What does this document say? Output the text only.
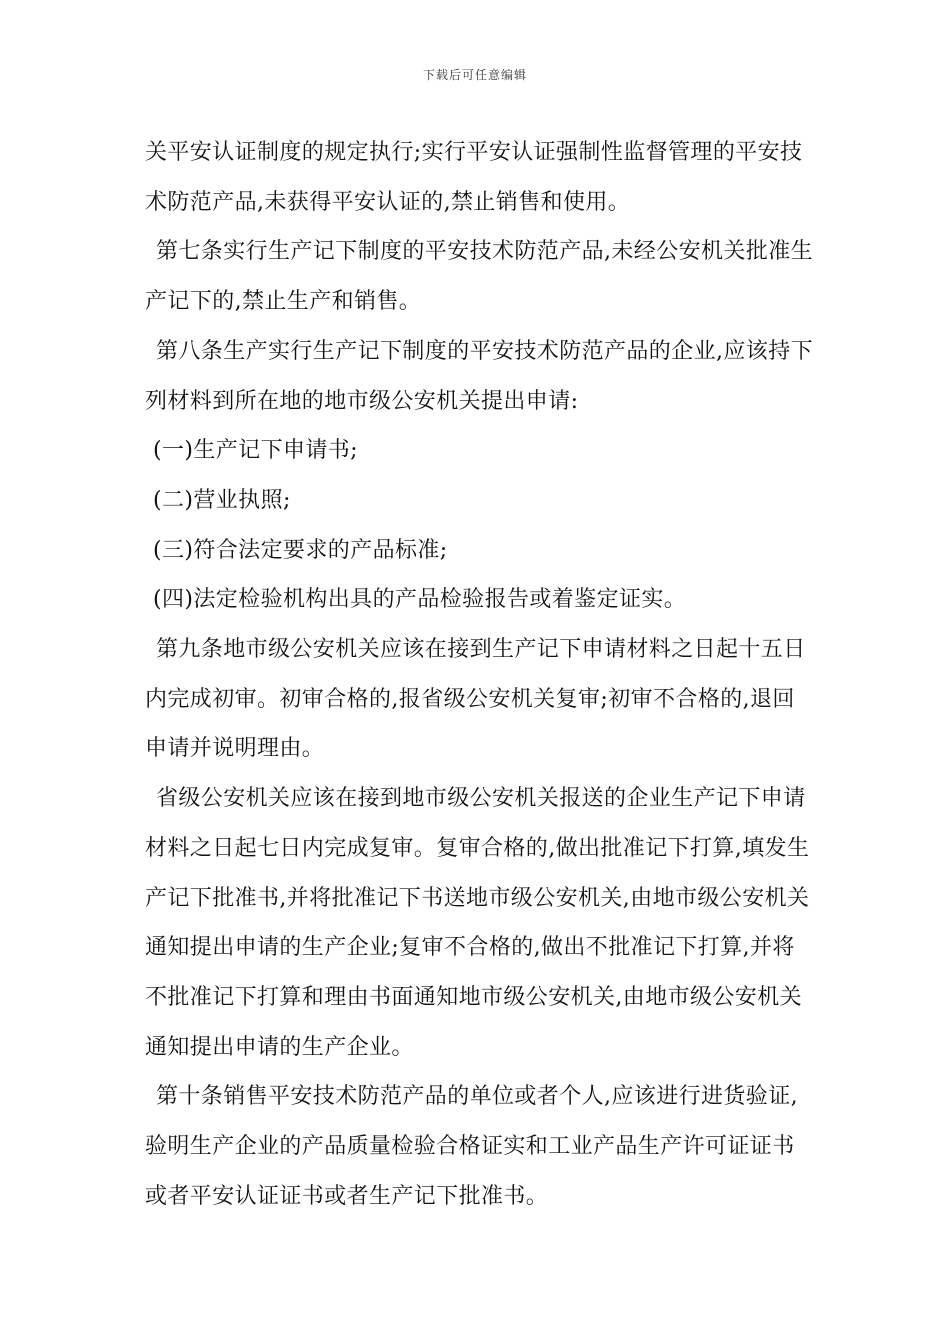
下载后可任意编辑

关平安认证制度的规定执行;实行平安认证强制性监督管理的平安技术防范产品,未获得平安认证的,禁止销售和使用。

第七条实行生产记下制度的平安技术防范产品,未经公安机关批准生产记下的,禁止生产和销售。

第八条生产实行生产记下制度的平安技术防范产品的企业,应该持下列材料到所在地的地市级公安机关提出申请:

(一)生产记下申请书;

(二)营业执照;

(三)符合法定要求的产品标准;

(四)法定检验机构出具的产品检验报告或着鉴定证实。

第九条地市级公安机关应该在接到生产记下申请材料之日起十五日内完成初审。初审合格的,报省级公安机关复审;初审不合格的,退回申请并说明理由。

省级公安机关应该在接到地市级公安机关报送的企业生产记下申请材料之日起七日内完成复审。复审合格的,做出批准记下打算,填发生产记下批准书,并将批准记下书送地市级公安机关,由地市级公安机关通知提出申请的生产企业;复审不合格的,做出不批准记下打算,并将不批准记下打算和理由书面通知地市级公安机关,由地市级公安机关通知提出申请的生产企业。

第十条销售平安技术防范产品的单位或者个人,应该进行进货验证,验明生产企业的产品质量检验合格证实和工业产品生产许可证证书或者平安认证证书或者生产记下批准书。
